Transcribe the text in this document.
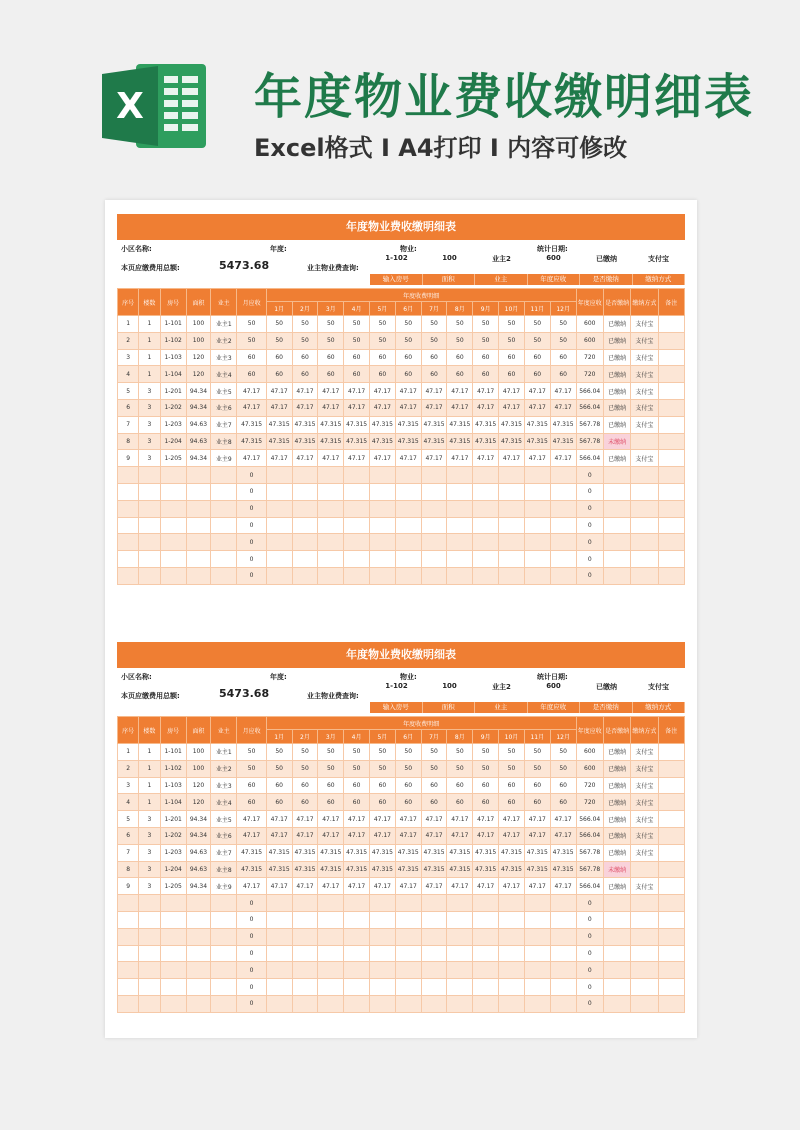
X 年度物业费收缴明细表
Excel格式 I A4打印 I 内容可修改
年度物业费收缴明细表
小区名称:	年度:	物业:	统计日期:
本页应缴费用总额:	5473.68	业主物业费查询:
1-102	100	业主2	600	已缴纳	支付宝
输入房号	面积	业主	年度应收	是否缴纳	缴纳方式
序号	楼数	房号	面积	业主	月应收	年度收费明细												年度应收	是否缴纳	缴纳方式	备注
						1月	2月	3月	4月	5月	6月	7月	8月	9月	10月	11月	12月				
1	1	1-101	100	业主1	50	50	50	50	50	50	50	50	50	50	50	50	50	600	已缴纳	支付宝	
2	1	1-102	100	业主2	50	50	50	50	50	50	50	50	50	50	50	50	50	600	已缴纳	支付宝	
3	1	1-103	120	业主3	60	60	60	60	60	60	60	60	60	60	60	60	60	720	已缴纳	支付宝	
4	1	1-104	120	业主4	60	60	60	60	60	60	60	60	60	60	60	60	60	720	已缴纳	支付宝	
5	3	1-201	94.34	业主5	47.17	47.17	47.17	47.17	47.17	47.17	47.17	47.17	47.17	47.17	47.17	47.17	47.17	566.04	已缴纳	支付宝	
6	3	1-202	94.34	业主6	47.17	47.17	47.17	47.17	47.17	47.17	47.17	47.17	47.17	47.17	47.17	47.17	47.17	566.04	已缴纳	支付宝	
7	3	1-203	94.63	业主7	47.315	47.315	47.315	47.315	47.315	47.315	47.315	47.315	47.315	47.315	47.315	47.315	47.315	567.78	已缴纳	支付宝	
8	3	1-204	94.63	业主8	47.315	47.315	47.315	47.315	47.315	47.315	47.315	47.315	47.315	47.315	47.315	47.315	47.315	567.78	未缴纳		
9	3	1-205	94.34	业主9	47.17	47.17	47.17	47.17	47.17	47.17	47.17	47.17	47.17	47.17	47.17	47.17	47.17	566.04	已缴纳	支付宝	
					0													0			
					0													0			
					0													0			
					0													0			
					0													0			
					0													0			
					0													0			
年度物业费收缴明细表
小区名称:	年度:	物业:	统计日期:
本页应缴费用总额:	5473.68	业主物业费查询:
1-102	100	业主2	600	已缴纳	支付宝
输入房号	面积	业主	年度应收	是否缴纳	缴纳方式
序号	楼数	房号	面积	业主	月应收	年度收费明细												年度应收	是否缴纳	缴纳方式	备注
						1月	2月	3月	4月	5月	6月	7月	8月	9月	10月	11月	12月				
1	1	1-101	100	业主1	50	50	50	50	50	50	50	50	50	50	50	50	50	600	已缴纳	支付宝	
2	1	1-102	100	业主2	50	50	50	50	50	50	50	50	50	50	50	50	50	600	已缴纳	支付宝	
3	1	1-103	120	业主3	60	60	60	60	60	60	60	60	60	60	60	60	60	720	已缴纳	支付宝	
4	1	1-104	120	业主4	60	60	60	60	60	60	60	60	60	60	60	60	60	720	已缴纳	支付宝	
5	3	1-201	94.34	业主5	47.17	47.17	47.17	47.17	47.17	47.17	47.17	47.17	47.17	47.17	47.17	47.17	47.17	566.04	已缴纳	支付宝	
6	3	1-202	94.34	业主6	47.17	47.17	47.17	47.17	47.17	47.17	47.17	47.17	47.17	47.17	47.17	47.17	47.17	566.04	已缴纳	支付宝	
7	3	1-203	94.63	业主7	47.315	47.315	47.315	47.315	47.315	47.315	47.315	47.315	47.315	47.315	47.315	47.315	47.315	567.78	已缴纳	支付宝	
8	3	1-204	94.63	业主8	47.315	47.315	47.315	47.315	47.315	47.315	47.315	47.315	47.315	47.315	47.315	47.315	47.315	567.78	未缴纳		
9	3	1-205	94.34	业主9	47.17	47.17	47.17	47.17	47.17	47.17	47.17	47.17	47.17	47.17	47.17	47.17	47.17	566.04	已缴纳	支付宝	
					0													0			
					0													0			
					0													0			
					0													0			
					0													0			
					0													0			
					0													0			
